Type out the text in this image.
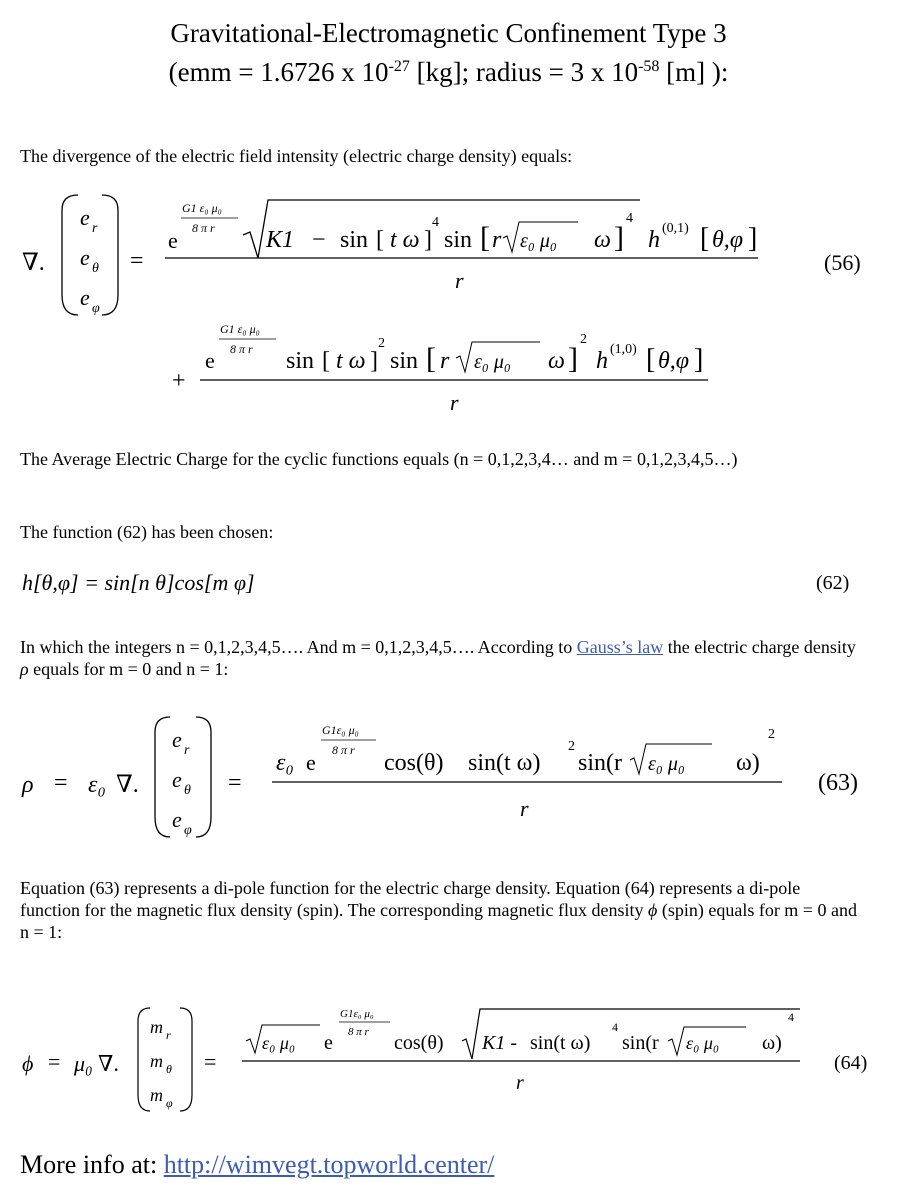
Gravitational-Electromagnetic Confinement Type 3
(emm = 1.6726 x $10^{-27}$ [kg]; radius = 3 x $10^{-58}$ [m] ):
The divergence of the electric field intensity (electric charge density) equals:
∇.
e r
e θ
e φ
=
e
G1 ε₀ μ₀
8 π r K1 − sin [ t ω ]
4
sin [ r ε₀ μ₀ ω ]
4
h (0,1) [ θ,φ ]
r
(56)
+
e
G1 ε₀ μ₀
8 π r sin [ t ω ]
2
sin [ r ε₀ μ₀ ω ]
2
h (1,0) [ θ,φ ]
r
The Average Electric Charge for the cyclic functions equals (n = 0,1,2,3,4… and m = 0,1,2,3,4,5…)
The function (62) has been chosen:
h[θ,φ] = sin[n θ]cos[m φ]	(62)
In which the integers n = 0,1,2,3,4,5…. And m = 0,1,2,3,4,5…. According to Gauss’s law the electric charge density ρ equals for m = 0 and n = 1:
ρ = ε₀ ∇.
e r
e θ
e φ
=
ε₀ e
G1ε₀ μ₀
8 π r cos(θ) sin(t ω)
2
sin(r ε₀ μ₀ ω)
2
r
(63)
Equation (63) represents a di-pole function for the electric charge density. Equation (64) represents a di-pole function for the magnetic flux density (spin). The corresponding magnetic flux density ϕ (spin) equals for m = 0 and n = 1:
ϕ = μ₀ ∇.
m r
m θ
m φ
=
ε₀ μ₀ e
G1ε₀ μ₀
8 π r cos(θ) K1 - sin(t ω)
4
sin(r ε₀ μ₀ ω)
4
r
(64)
More info at: http://wimvegt.topworld.center/
